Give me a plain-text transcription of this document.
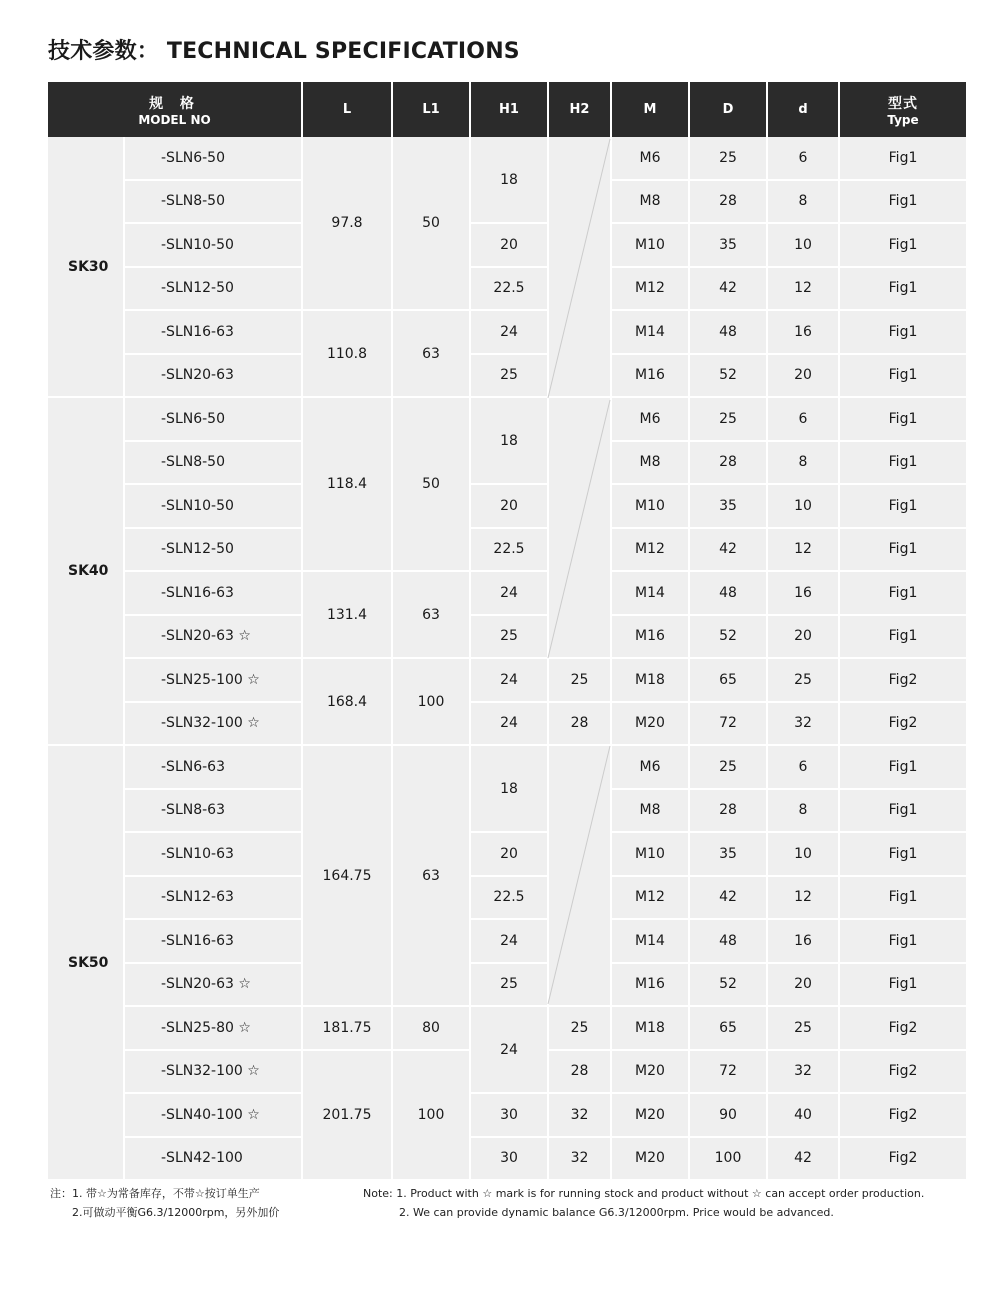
技术参数： TECHNICAL SPECIFICATIONS
规 格
MODEL NO		L	L1	H1	H2	M	D	d	型式
Type

SK30	-SLN6-50	97.8	50	18		M6	25	6	Fig1
	-SLN8-50					M8	28	8	Fig1
	-SLN10-50			20		M10	35	10	Fig1
	-SLN12-50			22.5		M12	42	12	Fig1
	-SLN16-63	110.8	63	24		M14	48	16	Fig1
	-SLN20-63			25		M16	52	20	Fig1
SK40	-SLN6-50	118.4	50	18		M6	25	6	Fig1
	-SLN8-50					M8	28	8	Fig1
	-SLN10-50			20		M10	35	10	Fig1
	-SLN12-50			22.5		M12	42	12	Fig1
	-SLN16-63	131.4	63	24		M14	48	16	Fig1
	-SLN20-63 ☆			25		M16	52	20	Fig1
	-SLN25-100 ☆	168.4	100	24	25	M18	65	25	Fig2
	-SLN32-100 ☆			24	28	M20	72	32	Fig2
SK50	-SLN6-63	164.75	63	18		M6	25	6	Fig1
	-SLN8-63					M8	28	8	Fig1
	-SLN10-63			20		M10	35	10	Fig1
	-SLN12-63			22.5		M12	42	12	Fig1
	-SLN16-63			24		M14	48	16	Fig1
	-SLN20-63 ☆			25		M16	52	20	Fig1
	-SLN25-80 ☆	181.75	80	24	25	M18	65	25	Fig2
	-SLN32-100 ☆	201.75	100		28	M20	72	32	Fig2
	-SLN40-100 ☆			30	32	M20	90	40	Fig2
	-SLN42-100			30	32	M20	100	42	Fig2
注：1. 带☆为常备库存，不带☆按订单生产
2.可做动平衡G6.3/12000rpm，另外加价
Note: 1. Product with ☆ mark is for running stock and product without ☆ can accept order production.
2. We can provide dynamic balance G6.3/12000rpm. Price would be advanced.
